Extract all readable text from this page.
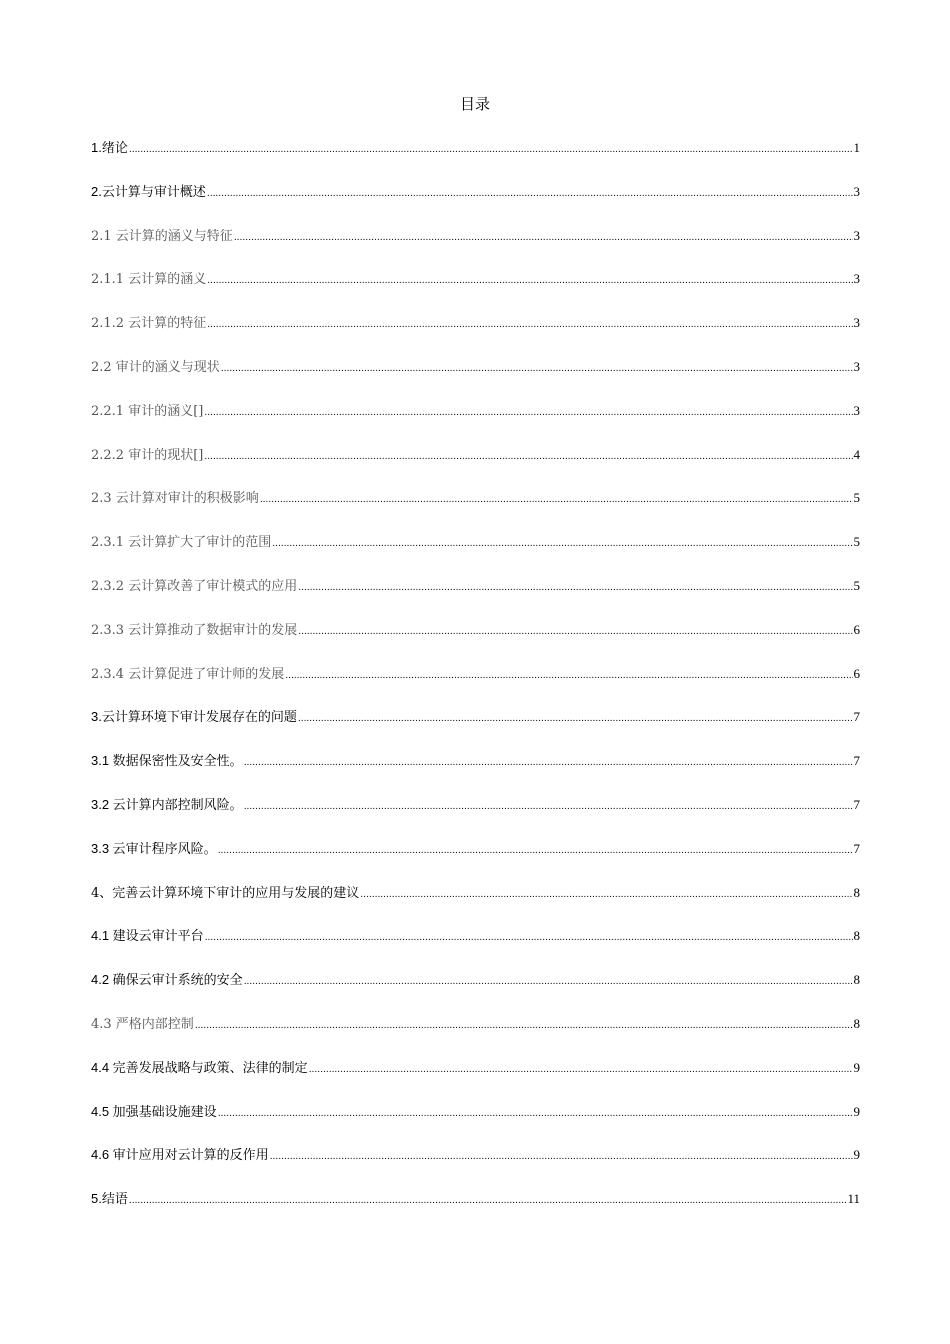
目录
1.绪论 .....	1
2.云计算与审计概述 .....	3
2.1 云计算的涵义与特征 .....	3
2.1.1 云计算的涵义 .....	3
2.1.2 云计算的特征 .....	3
2.2 审计的涵义与现状 .....	3
2.2.1 审计的涵义[] .....	3
2.2.2 审计的现状[] .....	4
2.3 云计算对审计的积极影响 .....	5
2.3.1 云计算扩大了审计的范围 .....	5
2.3.2 云计算改善了审计模式的应用 .....	5
2.3.3 云计算推动了数据审计的发展 .....	6
2.3.4 云计算促进了审计师的发展 .....	6
3.云计算环境下审计发展存在的问题 .....	7
3.1 数据保密性及安全性。 .....	7
3.2 云计算内部控制风险。 .....	7
3.3 云审计程序风险。 .....	7
4、完善云计算环境下审计的应用与发展的建议 .....	8
4.1 建设云审计平台 .....	8
4.2 确保云审计系统的安全 .....	8
4.3 严格内部控制 .....	8
4.4 完善发展战略与政策、法律的制定 .....	9
4.5 加强基础设施建设 .....	9
4.6 审计应用对云计算的反作用 .....	9
5.结语 .....	11
